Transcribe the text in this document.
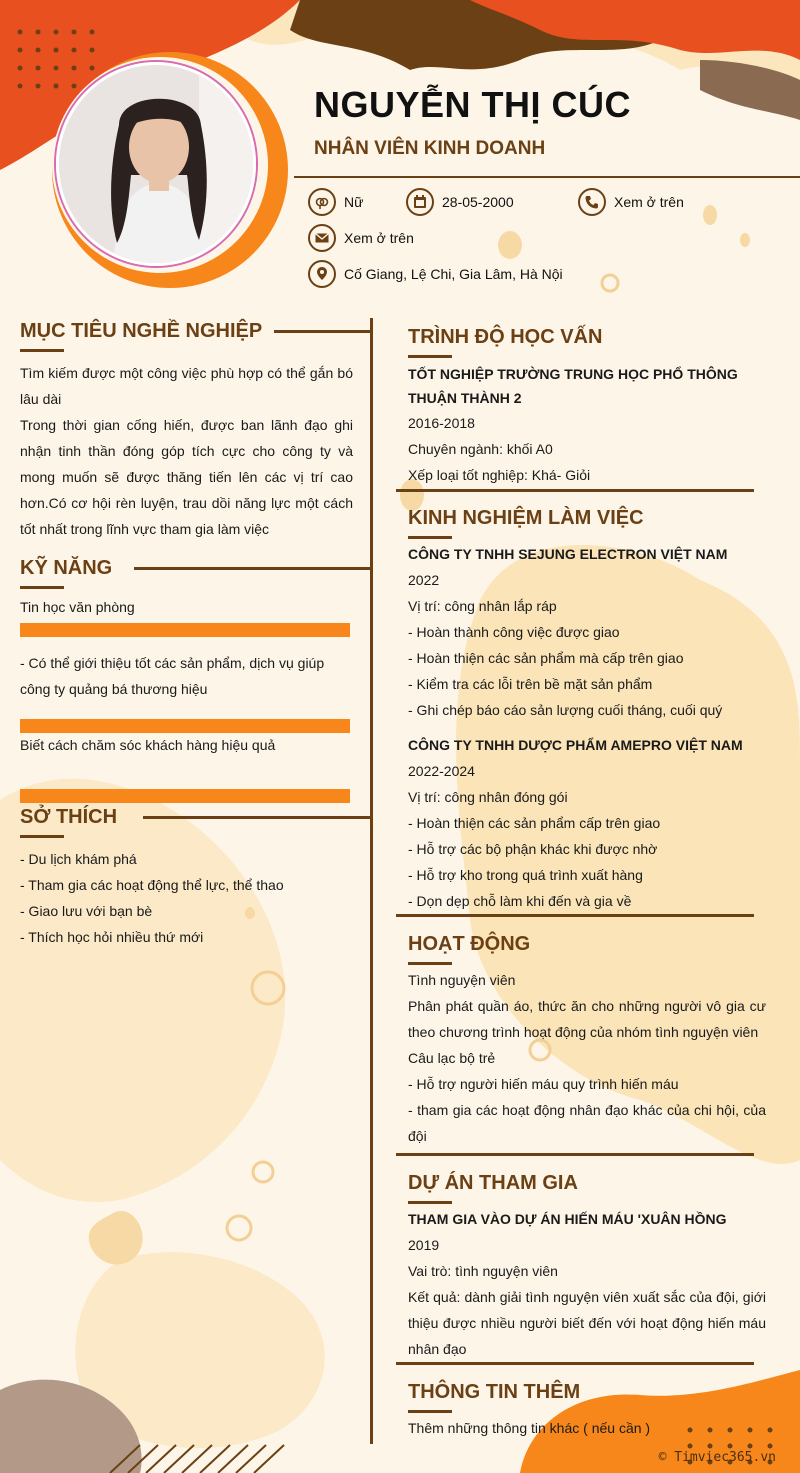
NGUYỄN THỊ CÚC
NHÂN VIÊN KINH DOANH
Nữ	28-05-2000	Xem ở trên
Xem ở trên
Cố Giang, Lệ Chi, Gia Lâm, Hà Nội
MỤC TIÊU NGHỀ NGHIỆP
Tìm kiếm được một công việc phù hợp có thể gắn bó lâu dài
Trong thời gian cống hiến, được ban lãnh đạo ghi nhận tinh thần đóng góp tích cực cho công ty và mong muốn sẽ được thăng tiến lên các vị trí cao hơn.Có cơ hội rèn luyện, trau dồi năng lực một cách tốt nhất trong lĩnh vực tham gia làm việc
KỸ NĂNG
Tin học văn phòng
- Có thể giới thiệu tốt các sản phẩm, dịch vụ giúp công ty quảng bá thương hiệu
Biết cách chăm sóc khách hàng hiệu quả
SỞ THÍCH
- Du lịch khám phá
- Tham gia các hoạt động thể lực, thể thao
- Giao lưu với bạn bè
- Thích học hỏi nhiều thứ mới
TRÌNH ĐỘ HỌC VẤN
TỐT NGHIỆP TRƯỜNG TRUNG HỌC PHỔ THÔNG THUẬN THÀNH 2
2016-2018
Chuyên ngành: khối A0
Xếp loại tốt nghiệp: Khá- Giỏi
KINH NGHIỆM LÀM VIỆC
CÔNG TY TNHH SEJUNG ELECTRON VIỆT NAM
2022
Vị trí: công nhân lắp ráp
- Hoàn thành công việc được giao
- Hoàn thiện các sản phẩm mà cấp trên giao
- Kiểm tra các lỗi trên bề mặt sản phẩm
- Ghi chép báo cáo sản lượng cuối tháng, cuối quý
CÔNG TY TNHH DƯỢC PHẨM AMEPRO VIỆT NAM
2022-2024
Vị trí: công nhân đóng gói
- Hoàn thiện các sản phẩm cấp trên giao
- Hỗ trợ các bộ phận khác khi được nhờ
- Hỗ trợ kho trong quá trình xuất hàng
- Dọn dẹp chỗ làm khi đến và gia về
HOẠT ĐỘNG
Tình nguyện viên
Phân phát quần áo, thức ăn cho những người vô gia cư theo chương trình hoạt động của nhóm tình nguyện viên
Câu lạc bộ trẻ
- Hỗ trợ người hiến máu quy trình hiến máu
- tham gia các hoạt động nhân đạo khác của chi hội, của đội
DỰ ÁN THAM GIA
THAM GIA VÀO DỰ ÁN HIẾN MÁU 'XUÂN HỒNG
2019
Vai trò: tình nguyện viên
Kết quả: dành giải tình nguyện viên xuất sắc của đội, giới thiệu được nhiều người biết đến với hoạt động hiến máu nhân đạo
THÔNG TIN THÊM
Thêm những thông tin khác ( nếu cần )
© Timviec365.vn
